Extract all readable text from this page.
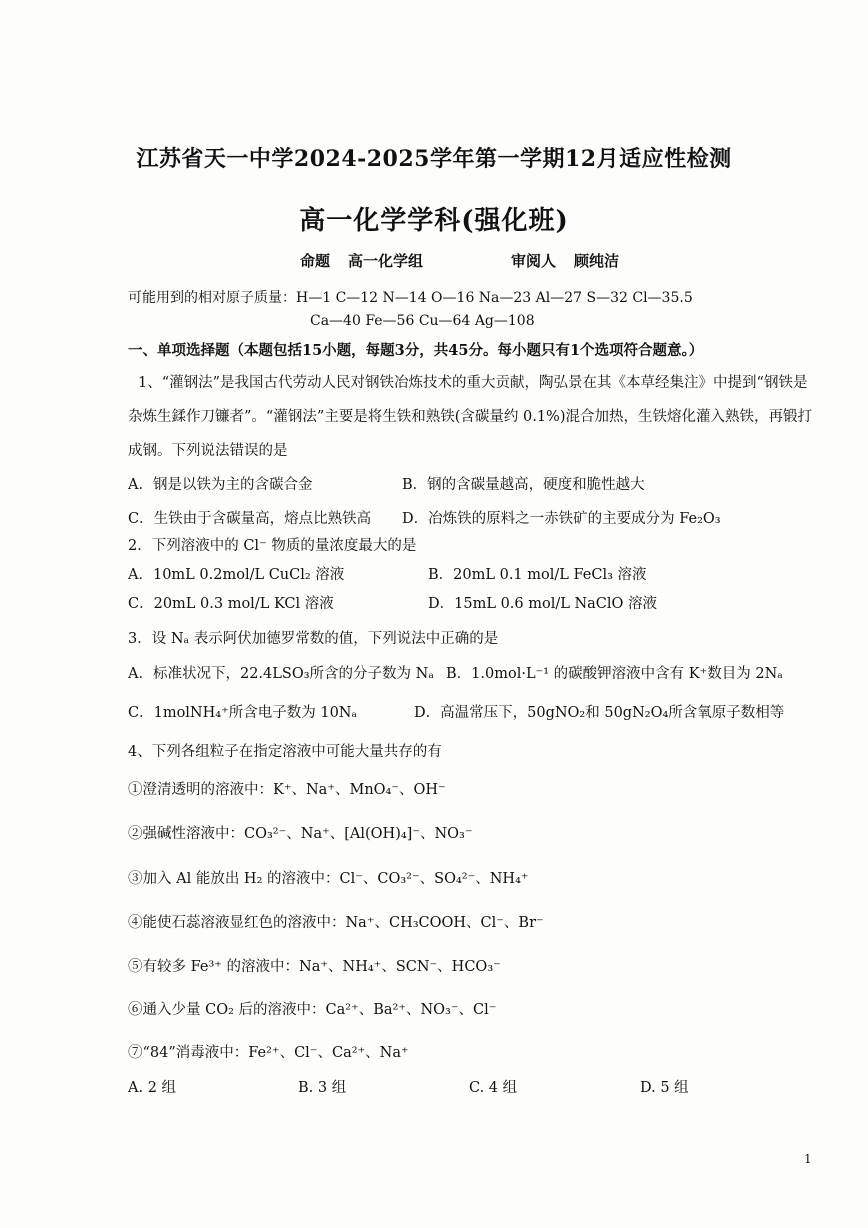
江苏省天一中学2024-2025学年第一学期12月适应性检测
高一化学学科(强化班)
命题 高一化学组	审阅人 顾纯洁
可能用到的相对原子质量：H—1 C—12 N—14 O—16 Na—23 Al—27 S—32 Cl—35.5
Ca—40 Fe—56 Cu—64 Ag—108
一、单项选择题（本题包括15小题，每题3分，共45分。每小题只有1个选项符合题意。）
1、“灌钢法”是我国古代劳动人民对钢铁冶炼技术的重大贡献，陶弘景在其《本草经集注》中提到“钢铁是
杂炼生鍒作刀镰者”。“灌钢法”主要是将生铁和熟铁(含碳量约 0.1%)混合加热，生铁熔化灌入熟铁，再锻打
成钢。下列说法错误的是
A．钢是以铁为主的含碳合金	B．钢的含碳量越高，硬度和脆性越大
C．生铁由于含碳量高，熔点比熟铁高 D．冶炼铁的原料之一赤铁矿的主要成分为 Fe₂O₃
2．下列溶液中的 Cl⁻ 物质的量浓度最大的是
A．10mL 0.2mol/L CuCl₂ 溶液	B．20mL 0.1 mol/L FeCl₃ 溶液
C．20mL 0.3 mol/L KCl 溶液	D．15mL 0.6 mol/L NaClO 溶液
3．设 Nₐ 表示阿伏加德罗常数的值，下列说法中正确的是
A．标准状况下，22.4LSO₃所含的分子数为 Nₐ B．1.0mol·L⁻¹ 的碳酸钾溶液中含有 K⁺数目为 2Nₐ
C．1molNH₄⁺所含电子数为 10Nₐ	D．高温常压下，50gNO₂和 50gN₂O₄所含氧原子数相等
4、下列各组粒子在指定溶液中可能大量共存的有
①澄清透明的溶液中：K⁺、Na⁺、MnO₄⁻、OH⁻
②强碱性溶液中：CO₃²⁻、Na⁺、[Al(OH)₄]⁻、NO₃⁻
③加入 Al 能放出 H₂ 的溶液中：Cl⁻、CO₃²⁻、SO₄²⁻、NH₄⁺
④能使石蕊溶液显红色的溶液中：Na⁺、CH₃COOH、Cl⁻、Br⁻
⑤有较多 Fe³⁺ 的溶液中：Na⁺、NH₄⁺、SCN⁻、HCO₃⁻
⑥通入少量 CO₂ 后的溶液中：Ca²⁺、Ba²⁺、NO₃⁻、Cl⁻
⑦“84”消毒液中：Fe²⁺、Cl⁻、Ca²⁺、Na⁺
A. 2 组	B. 3 组	C. 4 组	D. 5 组
1
